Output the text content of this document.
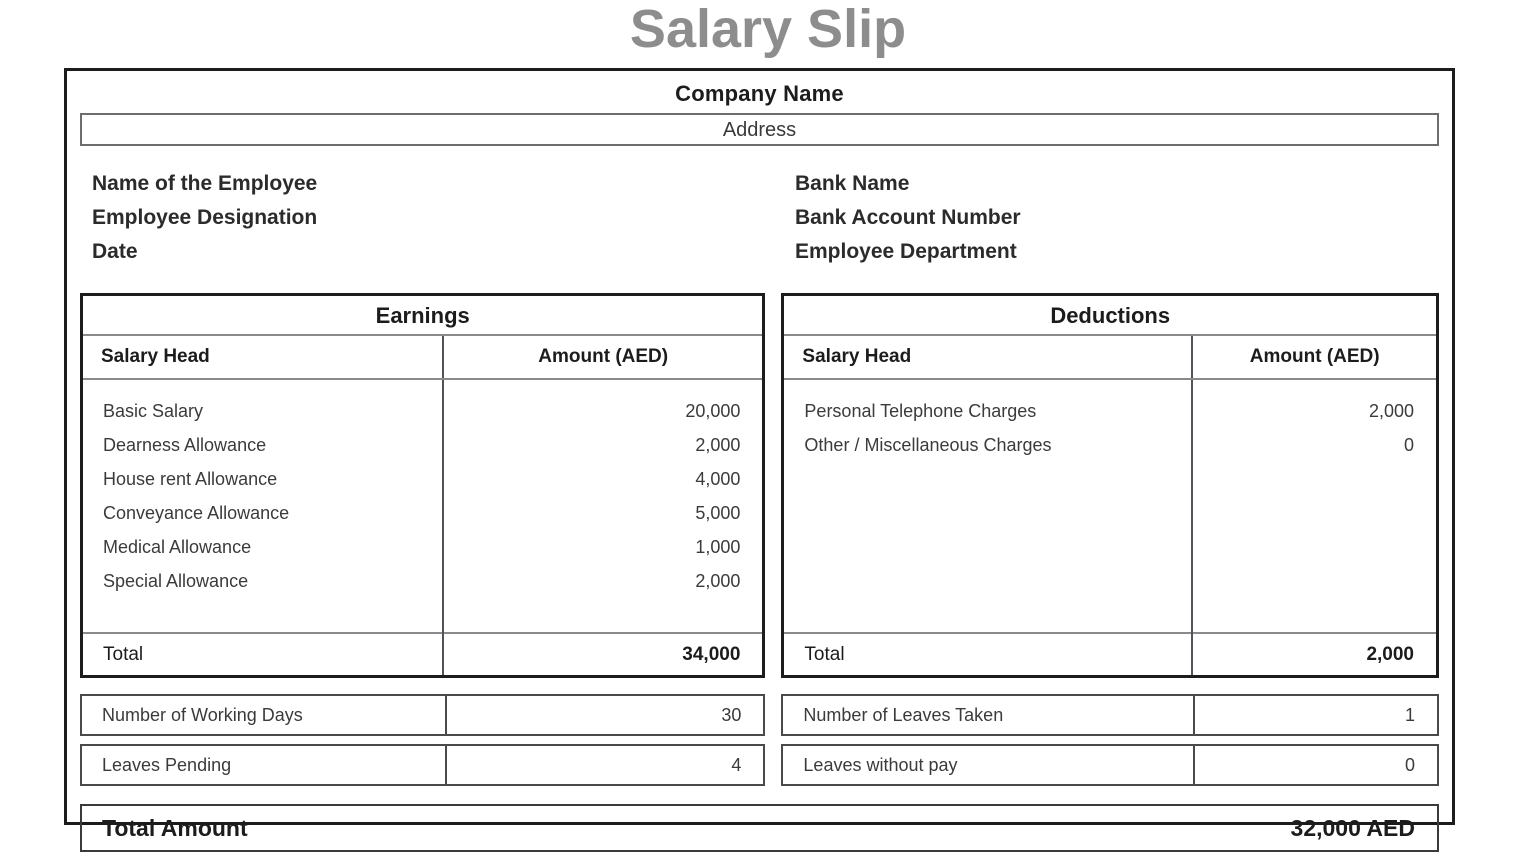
Salary Slip
Company Name
Address
Name of the Employee
Employee Designation
Date
Bank Name
Bank Account Number
Employee Department
Earnings
Salary Head	Amount (AED)
Basic Salary	20,000
Dearness Allowance	2,000
House rent Allowance	4,000
Conveyance Allowance	5,000
Medical Allowance	1,000
Special Allowance	2,000

Total	34,000
Deductions
Salary Head	Amount (AED)
Personal Telephone Charges	2,000
Other / Miscellaneous Charges	0

Total	2,000
Number of Working Days	30	Number of Leaves Taken	1
Leaves Pending	4	Leaves without pay	0
Total Amount	32,000 AED
